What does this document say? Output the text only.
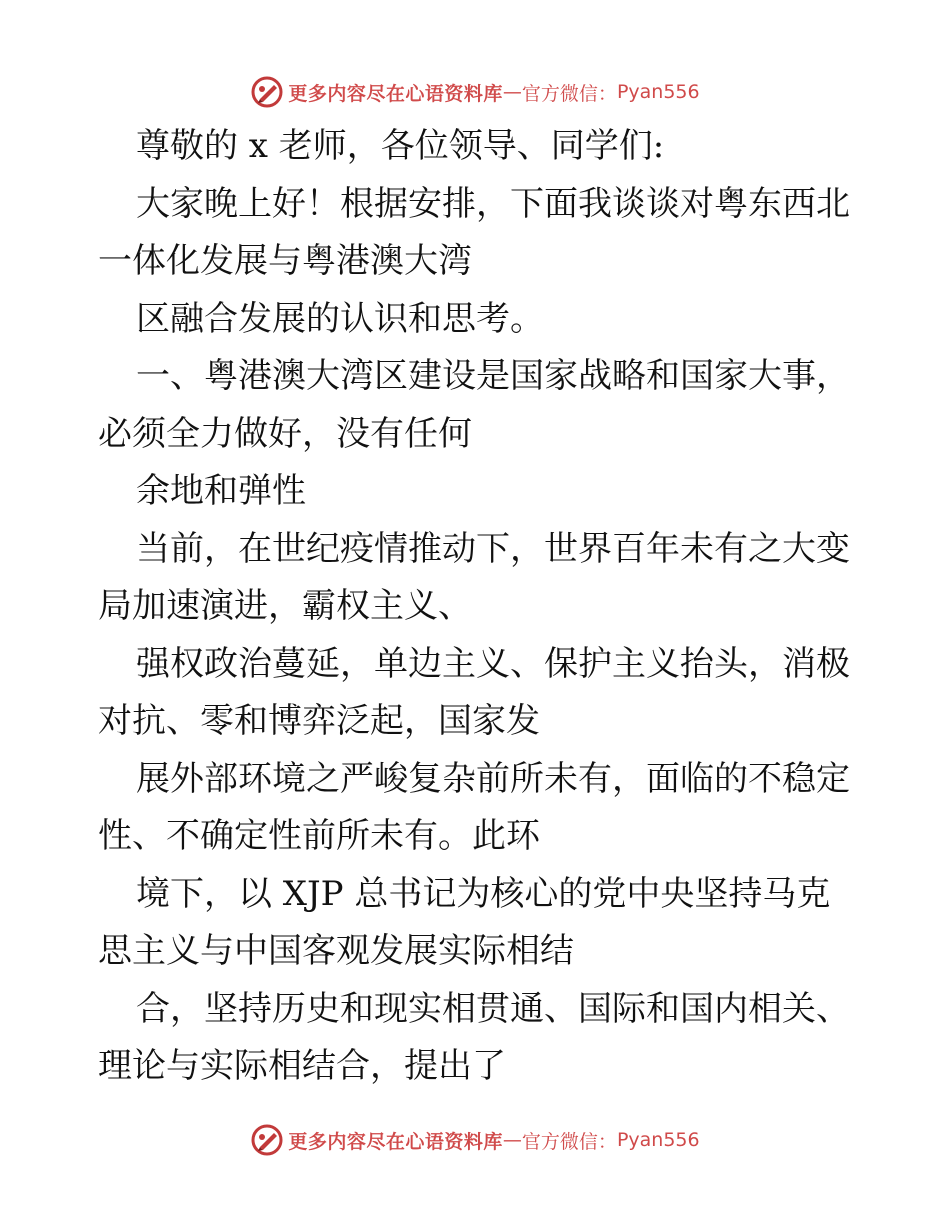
更多内容尽在心语资料库 — 官方微信： Pyan556
尊敬的 x 老师，各位领导、同学们:
大家晚上好！根据安排，下面我谈谈对粤东西北
一体化发展与粤港澳大湾
区融合发展的认识和思考。
一、粤港澳大湾区建设是国家战略和国家大事，
必须全力做好，没有任何
余地和弹性
当前，在世纪疫情推动下，世界百年未有之大变
局加速演进，霸权主义、
强权政治蔓延，单边主义、保护主义抬头，消极
对抗、零和博弈泛起，国家发
展外部环境之严峻复杂前所未有，面临的不稳定
性、不确定性前所未有。此环
境下，以 XJP 总书记为核心的党中央坚持马克
思主义与中国客观发展实际相结
合，坚持历史和现实相贯通、国际和国内相关、
理论与实际相结合，提出了
更多内容尽在心语资料库 — 官方微信： Pyan556
